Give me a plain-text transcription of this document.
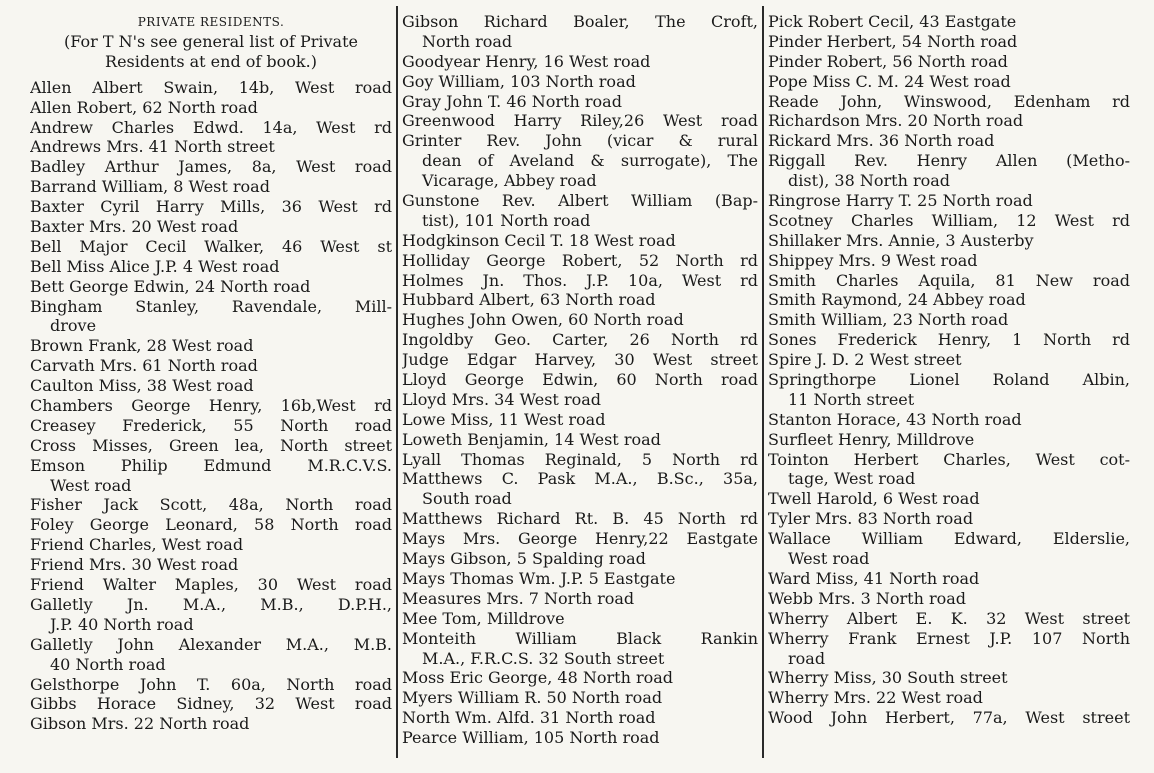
PRIVATE RESIDENTS.
(For T N's see general list of Private
Residents at end of book.)
Allen Albert Swain, 14b, West road
Allen Robert, 62 North road
Andrew Charles Edwd. 14a, West rd
Andrews Mrs. 41 North street
Badley Arthur James, 8a, West road
Barrand William, 8 West road
Baxter Cyril Harry Mills, 36 West rd
Baxter Mrs. 20 West road
Bell Major Cecil Walker, 46 West st
Bell Miss Alice J.P. 4 West road
Bett George Edwin, 24 North road
Bingham Stanley, Ravendale, Mill-
drove
Brown Frank, 28 West road
Carvath Mrs. 61 North road
Caulton Miss, 38 West road
Chambers George Henry, 16b,West rd
Creasey Frederick, 55 North road
Cross Misses, Green lea, North street
Emson Philip Edmund M.R.C.V.S.
West road
Fisher Jack Scott, 48a, North road
Foley George Leonard, 58 North road
Friend Charles, West road
Friend Mrs. 30 West road
Friend Walter Maples, 30 West road
Galletly Jn. M.A., M.B., D.P.H.,
J.P. 40 North road
Galletly John Alexander M.A., M.B.
40 North road
Gelsthorpe John T. 60a, North road
Gibbs Horace Sidney, 32 West road
Gibson Mrs. 22 North road
Gibson Richard Boaler, The Croft,
North road
Goodyear Henry, 16 West road
Goy William, 103 North road
Gray John T. 46 North road
Greenwood Harry Riley,26 West road
Grinter Rev. John (vicar & rural
dean of Aveland & surrogate), The
Vicarage, Abbey road
Gunstone Rev. Albert William (Bap-
tist), 101 North road
Hodgkinson Cecil T. 18 West road
Holliday George Robert, 52 North rd
Holmes Jn. Thos. J.P. 10a, West rd
Hubbard Albert, 63 North road
Hughes John Owen, 60 North road
Ingoldby Geo. Carter, 26 North rd
Judge Edgar Harvey, 30 West street
Lloyd George Edwin, 60 North road
Lloyd Mrs. 34 West road
Lowe Miss, 11 West road
Loweth Benjamin, 14 West road
Lyall Thomas Reginald, 5 North rd
Matthews C. Pask M.A., B.Sc., 35a,
South road
Matthews Richard Rt. B. 45 North rd
Mays Mrs. George Henry,22 Eastgate
Mays Gibson, 5 Spalding road
Mays Thomas Wm. J.P. 5 Eastgate
Measures Mrs. 7 North road
Mee Tom, Milldrove
Monteith William Black Rankin
M.A., F.R.C.S. 32 South street
Moss Eric George, 48 North road
Myers William R. 50 North road
North Wm. Alfd. 31 North road
Pearce William, 105 North road
Pick Robert Cecil, 43 Eastgate
Pinder Herbert, 54 North road
Pinder Robert, 56 North road
Pope Miss C. M. 24 West road
Reade John, Winswood, Edenham rd
Richardson Mrs. 20 North road
Rickard Mrs. 36 North road
Riggall Rev. Henry Allen (Metho-
dist), 38 North road
Ringrose Harry T. 25 North road
Scotney Charles William, 12 West rd
Shillaker Mrs. Annie, 3 Austerby
Shippey Mrs. 9 West road
Smith Charles Aquila, 81 New road
Smith Raymond, 24 Abbey road
Smith William, 23 North road
Sones Frederick Henry, 1 North rd
Spire J. D. 2 West street
Springthorpe Lionel Roland Albin,
11 North street
Stanton Horace, 43 North road
Surfleet Henry, Milldrove
Tointon Herbert Charles, West cot-
tage, West road
Twell Harold, 6 West road
Tyler Mrs. 83 North road
Wallace William Edward, Elderslie,
West road
Ward Miss, 41 North road
Webb Mrs. 3 North road
Wherry Albert E. K. 32 West street
Wherry Frank Ernest J.P. 107 North
road
Wherry Miss, 30 South street
Wherry Mrs. 22 West road
Wood John Herbert, 77a, West street
